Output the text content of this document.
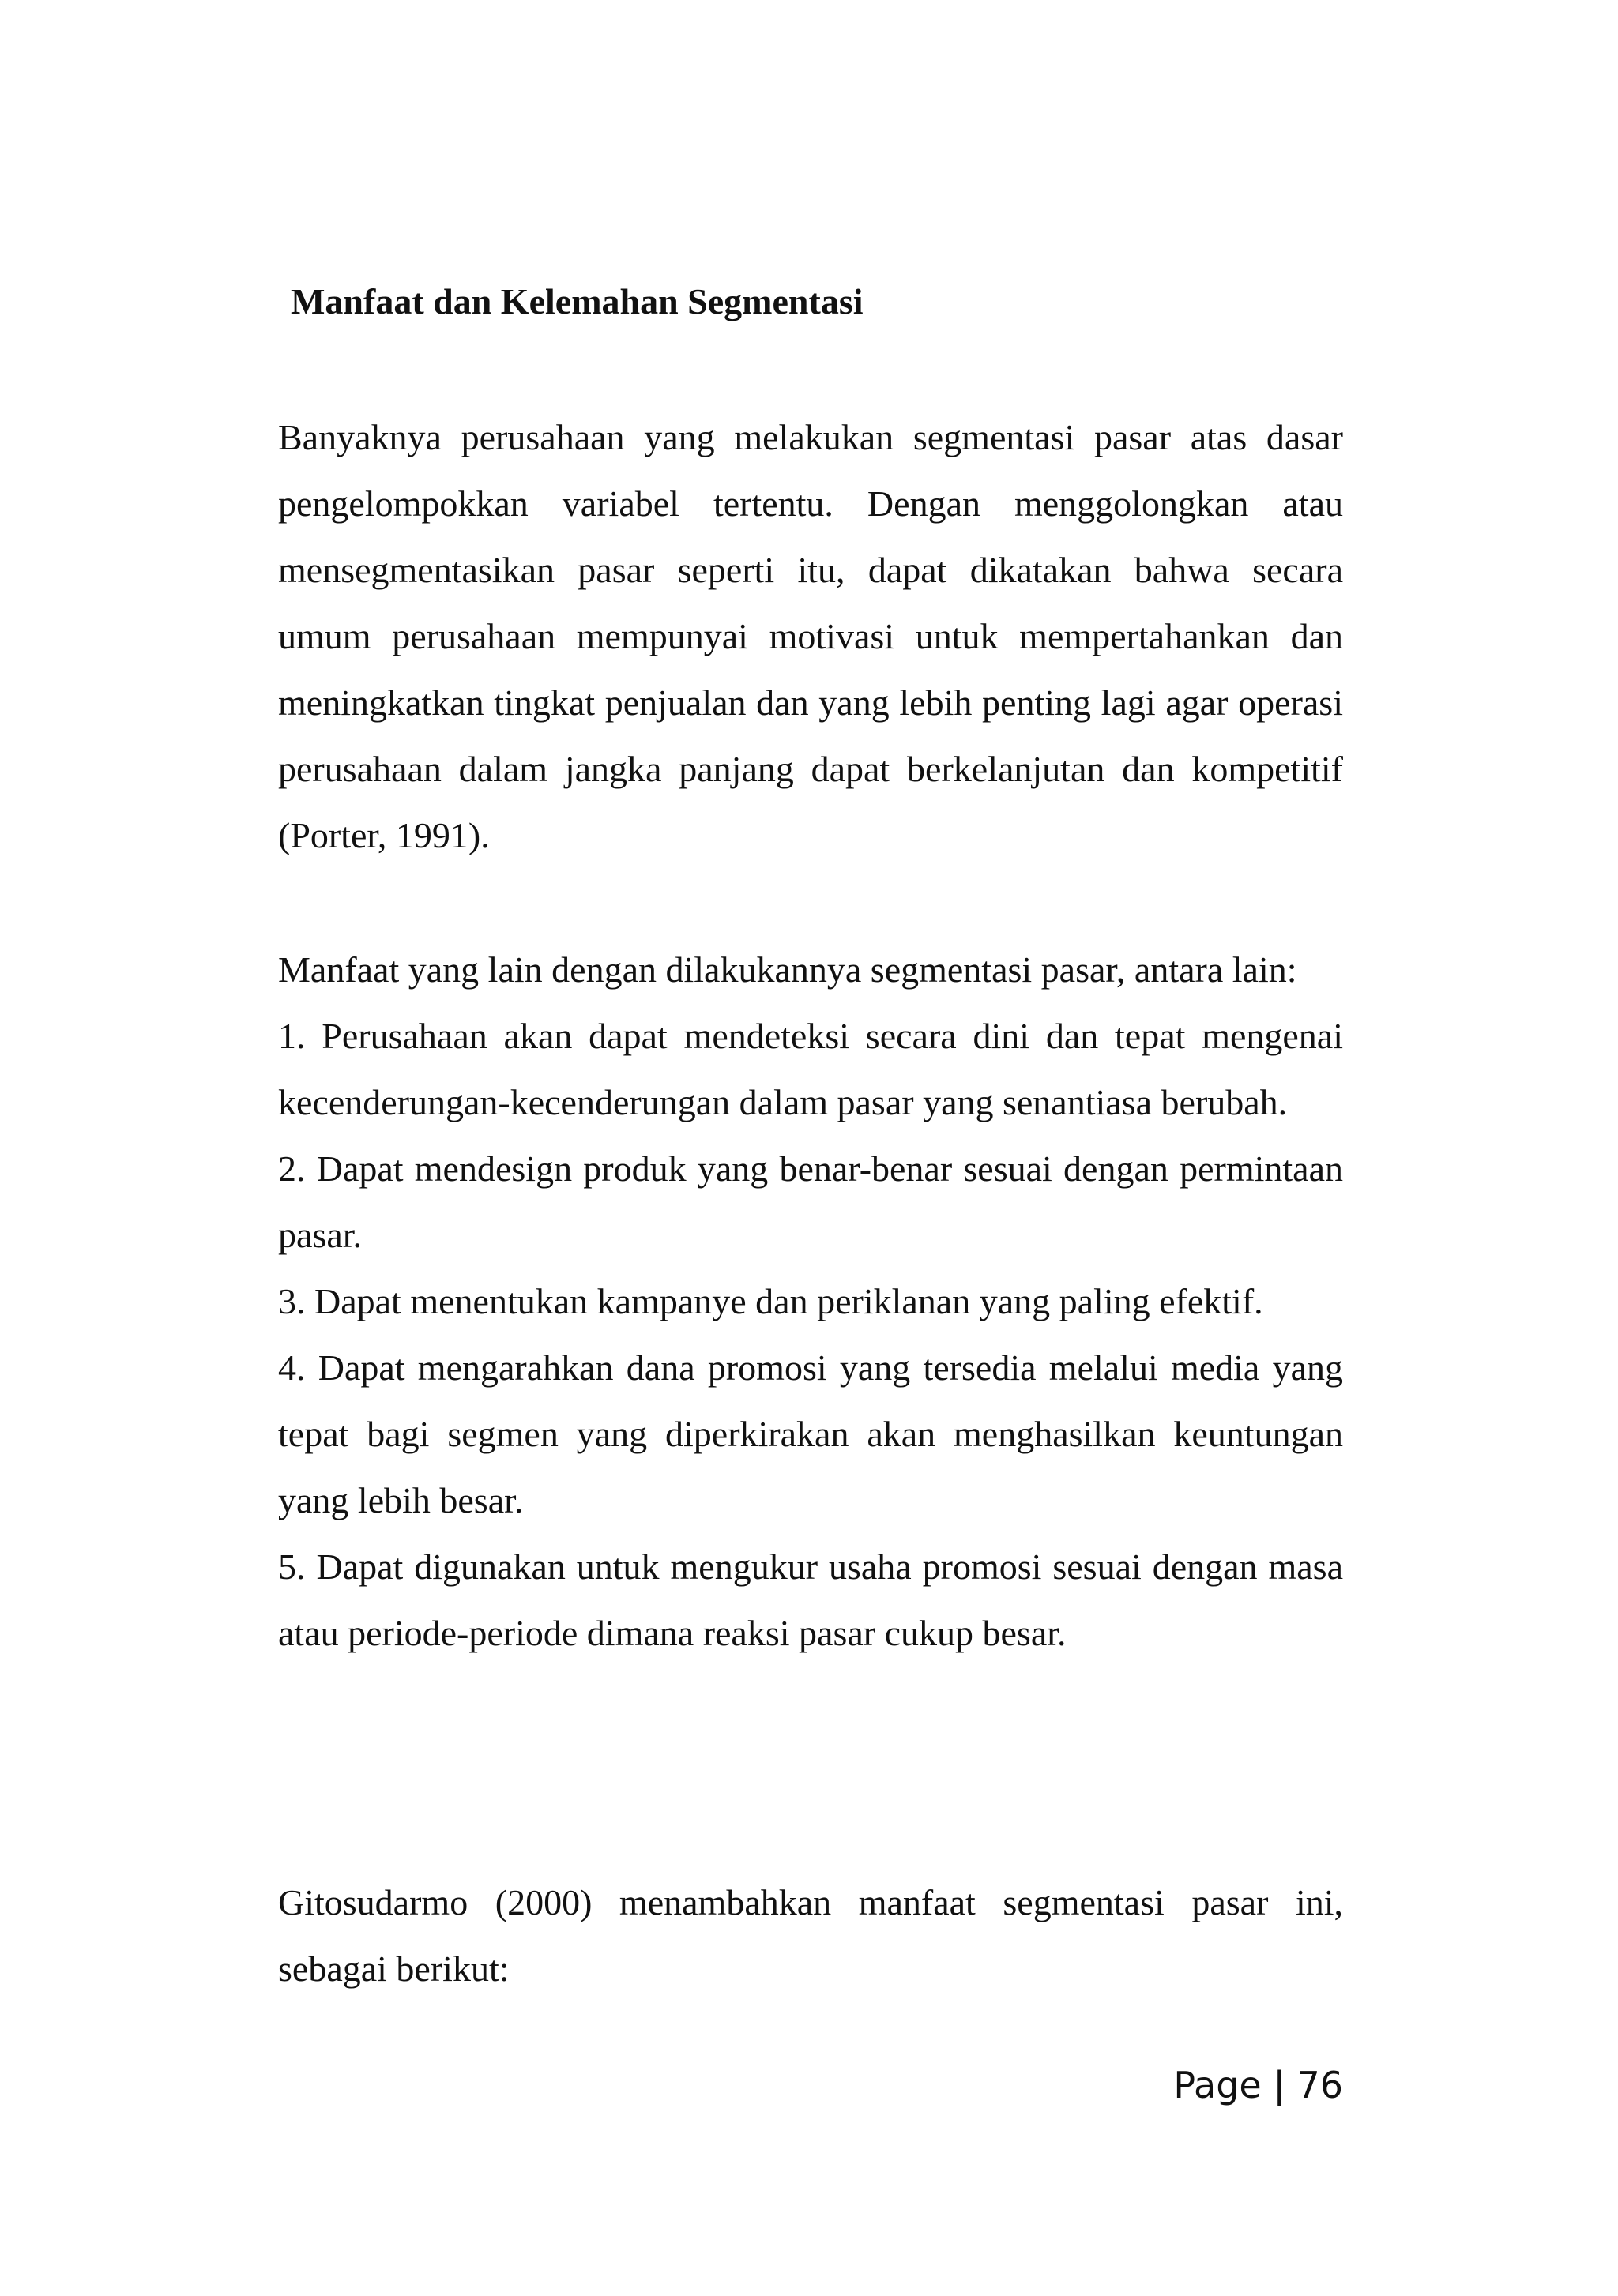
Manfaat dan Kelemahan Segmentasi

Banyaknya perusahaan yang melakukan segmentasi pasar atas dasar pengelompokkan variabel tertentu. Dengan menggolongkan atau mensegmentasikan pasar seperti itu, dapat dikatakan bahwa secara umum perusahaan mempunyai motivasi untuk mempertahankan dan meningkatkan tingkat penjualan dan yang lebih penting lagi agar operasi perusahaan dalam jangka panjang dapat berkelanjutan dan kompetitif (Porter, 1991).

Manfaat yang lain dengan dilakukannya segmentasi pasar, antara lain:

1. Perusahaan akan dapat mendeteksi secara dini dan tepat mengenai kecenderungan-kecenderungan dalam pasar yang senantiasa berubah.

2. Dapat mendesign produk yang benar-benar sesuai dengan permintaan pasar.

3. Dapat menentukan kampanye dan periklanan yang paling efektif.

4. Dapat mengarahkan dana promosi yang tersedia melalui media yang tepat bagi segmen yang diperkirakan akan menghasilkan keuntungan yang lebih besar.

5. Dapat digunakan untuk mengukur usaha promosi sesuai dengan masa atau periode-periode dimana reaksi pasar cukup besar.

Gitosudarmo (2000) menambahkan manfaat segmentasi pasar ini, sebagai berikut:

Page | 76
